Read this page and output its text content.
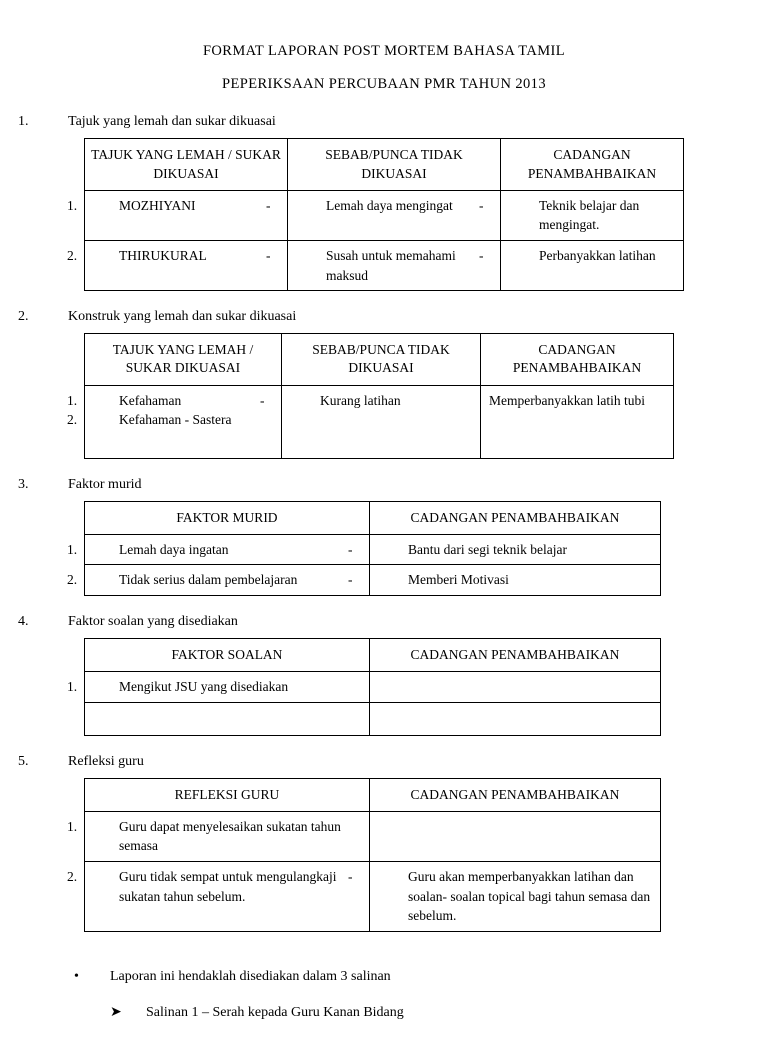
FORMAT LAPORAN POST MORTEM BAHASA TAMIL
PEPERIKSAAN PERCUBAAN PMR TAHUN 2013
1.	Tajuk yang lemah dan sukar dikuasai
TAJUK YANG LEMAH / SUKAR DIKUASAI	SEBAB/PUNCA TIDAK DIKUASAI	CADANGAN PENAMBAHBAIKAN

1. MOZHIYANI	- Lemah daya mengingat	- Teknik belajar dan mengingat.

2. THIRUKURAL	- Susah untuk memahami maksud	- Perbanyakkan latihan
2.	Konstruk yang lemah dan sukar dikuasai
TAJUK YANG LEMAH / SUKAR DIKUASAI	SEBAB/PUNCA TIDAK DIKUASAI	CADANGAN PENAMBAHBAIKAN

1. Kefahaman
2. Kefahaman - Sastera	- Kurang latihan	Memperbanyakkan latih tubi
3.	Faktor murid
FAKTOR MURID	CADANGAN PENAMBAHBAIKAN

1. Lemah daya ingatan	- Bantu dari segi teknik belajar

2. Tidak serius dalam pembelajaran	- Memberi Motivasi
4.	Faktor soalan yang disediakan
FAKTOR SOALAN	CADANGAN PENAMBAHBAIKAN

1. Mengikut JSU yang disediakan	

5.	Refleksi guru
REFLEKSI GURU	CADANGAN PENAMBAHBAIKAN

1. Guru dapat menyelesaikan sukatan tahun semasa	

2. Guru tidak sempat untuk mengulangkaji sukatan tahun sebelum.	- Guru akan memperbanyakkan latihan dan soalan- soalan topical bagi tahun semasa dan sebelum.
• Laporan ini hendaklah disediakan dalam 3 salinan
➤ Salinan 1 – Serah kepada Guru Kanan Bidang
